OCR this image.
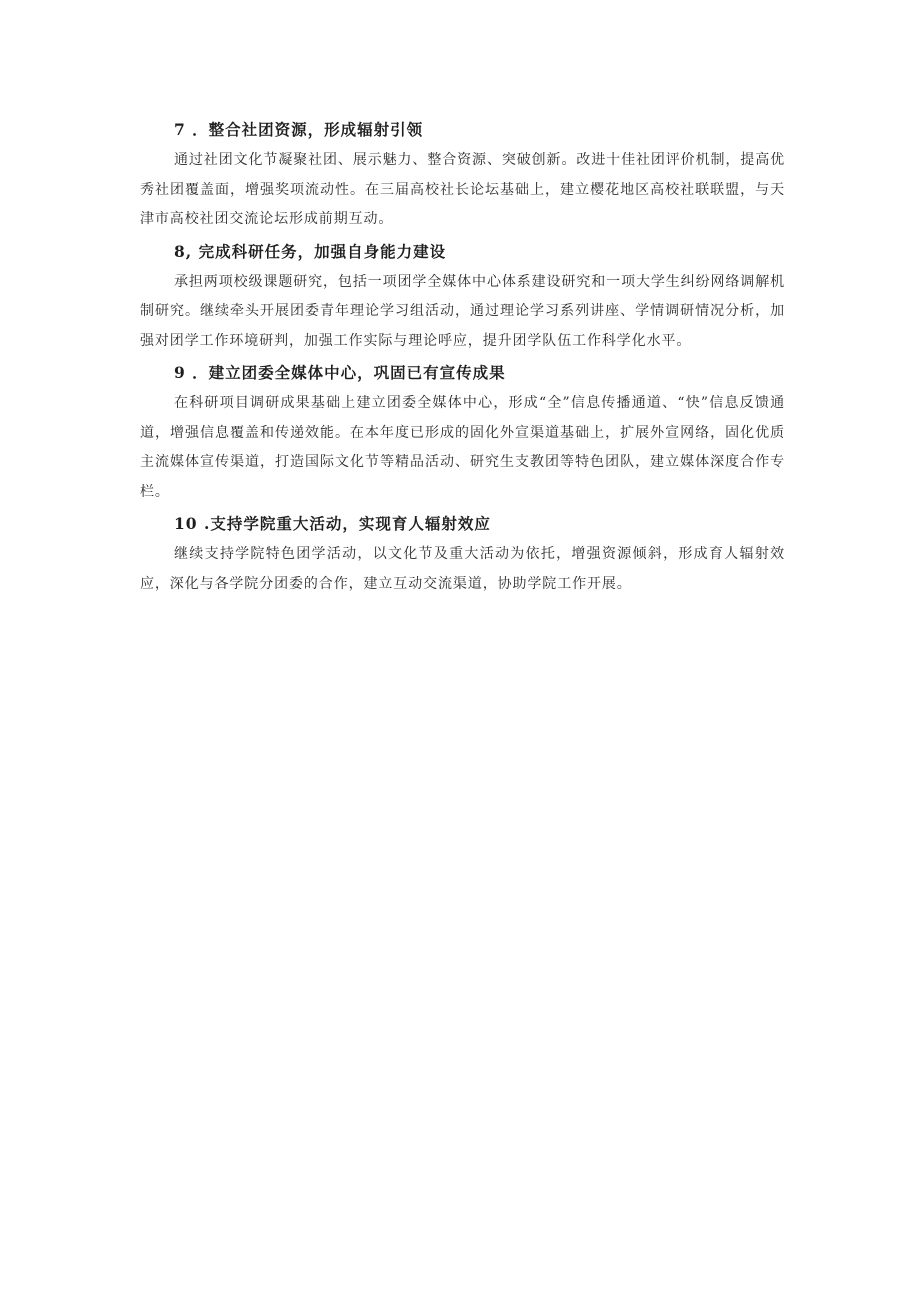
7 ．整合社团资源，形成辐射引领

通过社团文化节凝聚社团、展示魅力、整合资源、突破创新。改进十佳社团评价机制，提高优秀社团覆盖面，增强奖项流动性。在三届高校社长论坛基础上，建立樱花地区高校社联联盟，与天津市高校社团交流论坛形成前期互动。

8, 完成科研任务，加强自身能力建设

承担两项校级课题研究，包括一项团学全媒体中心体系建设研究和一项大学生纠纷网络调解机制研究。继续牵头开展团委青年理论学习组活动，通过理论学习系列讲座、学情调研情况分析，加强对团学工作环境研判，加强工作实际与理论呼应，提升团学队伍工作科学化水平。

9 ．建立团委全媒体中心，巩固已有宣传成果

在科研项目调研成果基础上建立团委全媒体中心，形成“全”信息传播通道、“快”信息反馈通道，增强信息覆盖和传递效能。在本年度已形成的固化外宣渠道基础上，扩展外宣网络，固化优质主流媒体宣传渠道，打造国际文化节等精品活动、研究生支教团等特色团队，建立媒体深度合作专栏。

10 .支持学院重大活动，实现育人辐射效应

继续支持学院特色团学活动，以文化节及重大活动为依托，增强资源倾斜，形成育人辐射效应，深化与各学院分团委的合作，建立互动交流渠道，协助学院工作开展。
